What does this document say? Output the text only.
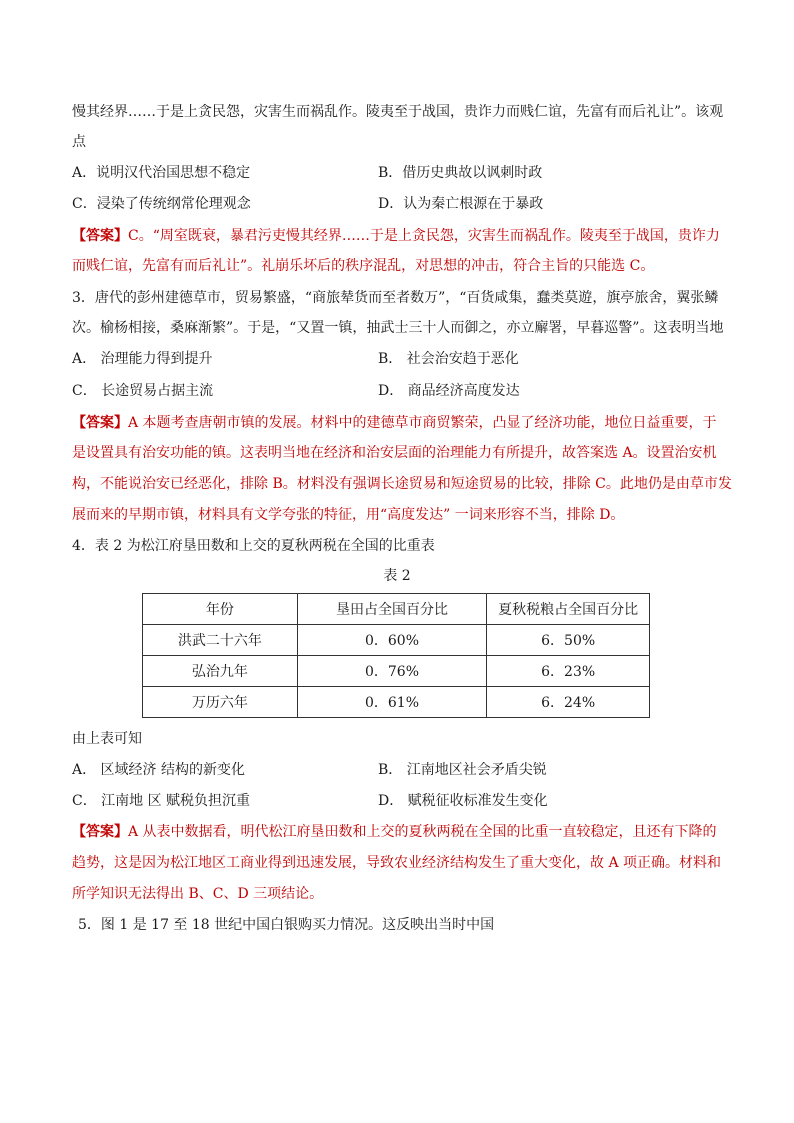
慢其经界……于是上贪民怨，灾害生而祸乱作。陵夷至于战国，贵诈力而贱仁谊，先富有而后礼让”。该观
点
A．说明汉代治国思想不稳定	B．借历史典故以讽刺时政
C．浸染了传统纲常伦理观念	D．认为秦亡根源在于暴政
【答案】C。“周室既衰，暴君污吏慢其经界……于是上贪民怨，灾害生而祸乱作。陵夷至于战国，贵诈力
而贱仁谊，先富有而后礼让”。礼崩乐坏后的秩序混乱，对思想的冲击，符合主旨的只能选 C。
3．唐代的彭州建德草市，贸易繁盛，“商旅辇货而至者数万”，“百货咸集，蠢类莫遊，旗亭旅舍，翼张鳞
次。榆杨相接，桑麻渐繁”。于是，“又置一镇，抽武士三十人而御之，亦立廨署，早暮巡警”。这表明当地
A． 治理能力得到提升	B． 社会治安趋于恶化
C． 长途贸易占据主流	D． 商品经济高度发达
【答案】A 本题考查唐朝市镇的发展。材料中的建德草市商贸繁荣，凸显了经济功能，地位日益重要，于
是设置具有治安功能的镇。这表明当地在经济和治安层面的治理能力有所提升，故答案选 A。设置治安机
构，不能说治安已经恶化，排除 B。材料没有强调长途贸易和短途贸易的比较，排除 C。此地仍是由草市发
展而来的早期市镇，材料具有文学夸张的特征，用“高度发达” 一词来形容不当，排除 D。
4．表 2 为松江府垦田数和上交的夏秋两税在全国的比重表
表 2
年份	垦田占全国百分比	夏秋税粮占全国百分比
洪武二十六年	0．60%	6．50%
弘治九年	0．76%	6．23%
万历六年	0．61%	6．24%
由上表可知
A． 区域经济 结构的新变化	B． 江南地区社会矛盾尖锐
C． 江南地 区 赋税负担沉重	D． 赋税征收标准发生变化
【答案】A 从表中数据看，明代松江府垦田数和上交的夏秋两税在全国的比重一直较稳定，且还有下降的
趋势，这是因为松江地区工商业得到迅速发展，导致农业经济结构发生了重大变化，故 A 项正确。材料和
所学知识无法得出 B、C、D 三项结论。
5．图 1 是 17 至 18 世纪中国白银购买力情况。这反映出当时中国
